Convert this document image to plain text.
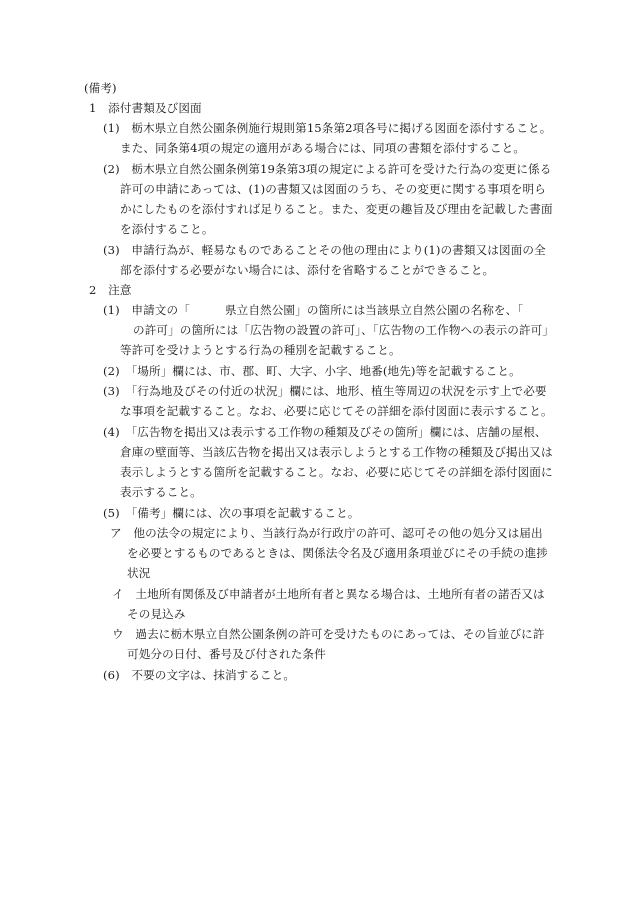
(備考)
1　添付書類及び図面
(1)　栃木県立自然公園条例施行規則第15条第2項各号に掲げる図面を添付すること。
また、同条第4項の規定の適用がある場合には、同項の書類を添付すること。
(2)　栃木県立自然公園条例第19条第3項の規定による許可を受けた行為の変更に係る
許可の申請にあっては、(1)の書類又は図面のうち、その変更に関する事項を明ら
かにしたものを添付すれば足りること。また、変更の趣旨及び理由を記載した書面
を添付すること。
(3)　申請行為が、軽易なものであることその他の理由により(1)の書類又は図面の全
部を添付する必要がない場合には、添付を省略することができること。
2　注意
(1)　申請文の「　　　県立自然公園」の箇所には当該県立自然公園の名称を、「
の許可」の箇所には「広告物の設置の許可」、「広告物の工作物への表示の許可」
等許可を受けようとする行為の種別を記載すること。
(2)　「場所」欄には、市、郡、町、大字、小字、地番(地先)等を記載すること。
(3)　「行為地及びその付近の状況」欄には、地形、植生等周辺の状況を示す上で必要
な事項を記載すること。なお、必要に応じてその詳細を添付図面に表示すること。
(4)　「広告物を掲出又は表示する工作物の種類及びその箇所」欄には、店舗の屋根、
倉庫の壁面等、当該広告物を掲出又は表示しようとする工作物の種類及び掲出又は
表示しようとする箇所を記載すること。なお、必要に応じてその詳細を添付図面に
表示すること。
(5)　「備考」欄には、次の事項を記載すること。
ア　他の法令の規定により、当該行為が行政庁の許可、認可その他の処分又は届出
を必要とするものであるときは、関係法令名及び適用条項並びにその手続の進捗
状況
イ　土地所有関係及び申請者が土地所有者と異なる場合は、土地所有者の諾否又は
その見込み
ウ　過去に栃木県立自然公園条例の許可を受けたものにあっては、その旨並びに許
可処分の日付、番号及び付された条件
(6)　不要の文字は、抹消すること。
